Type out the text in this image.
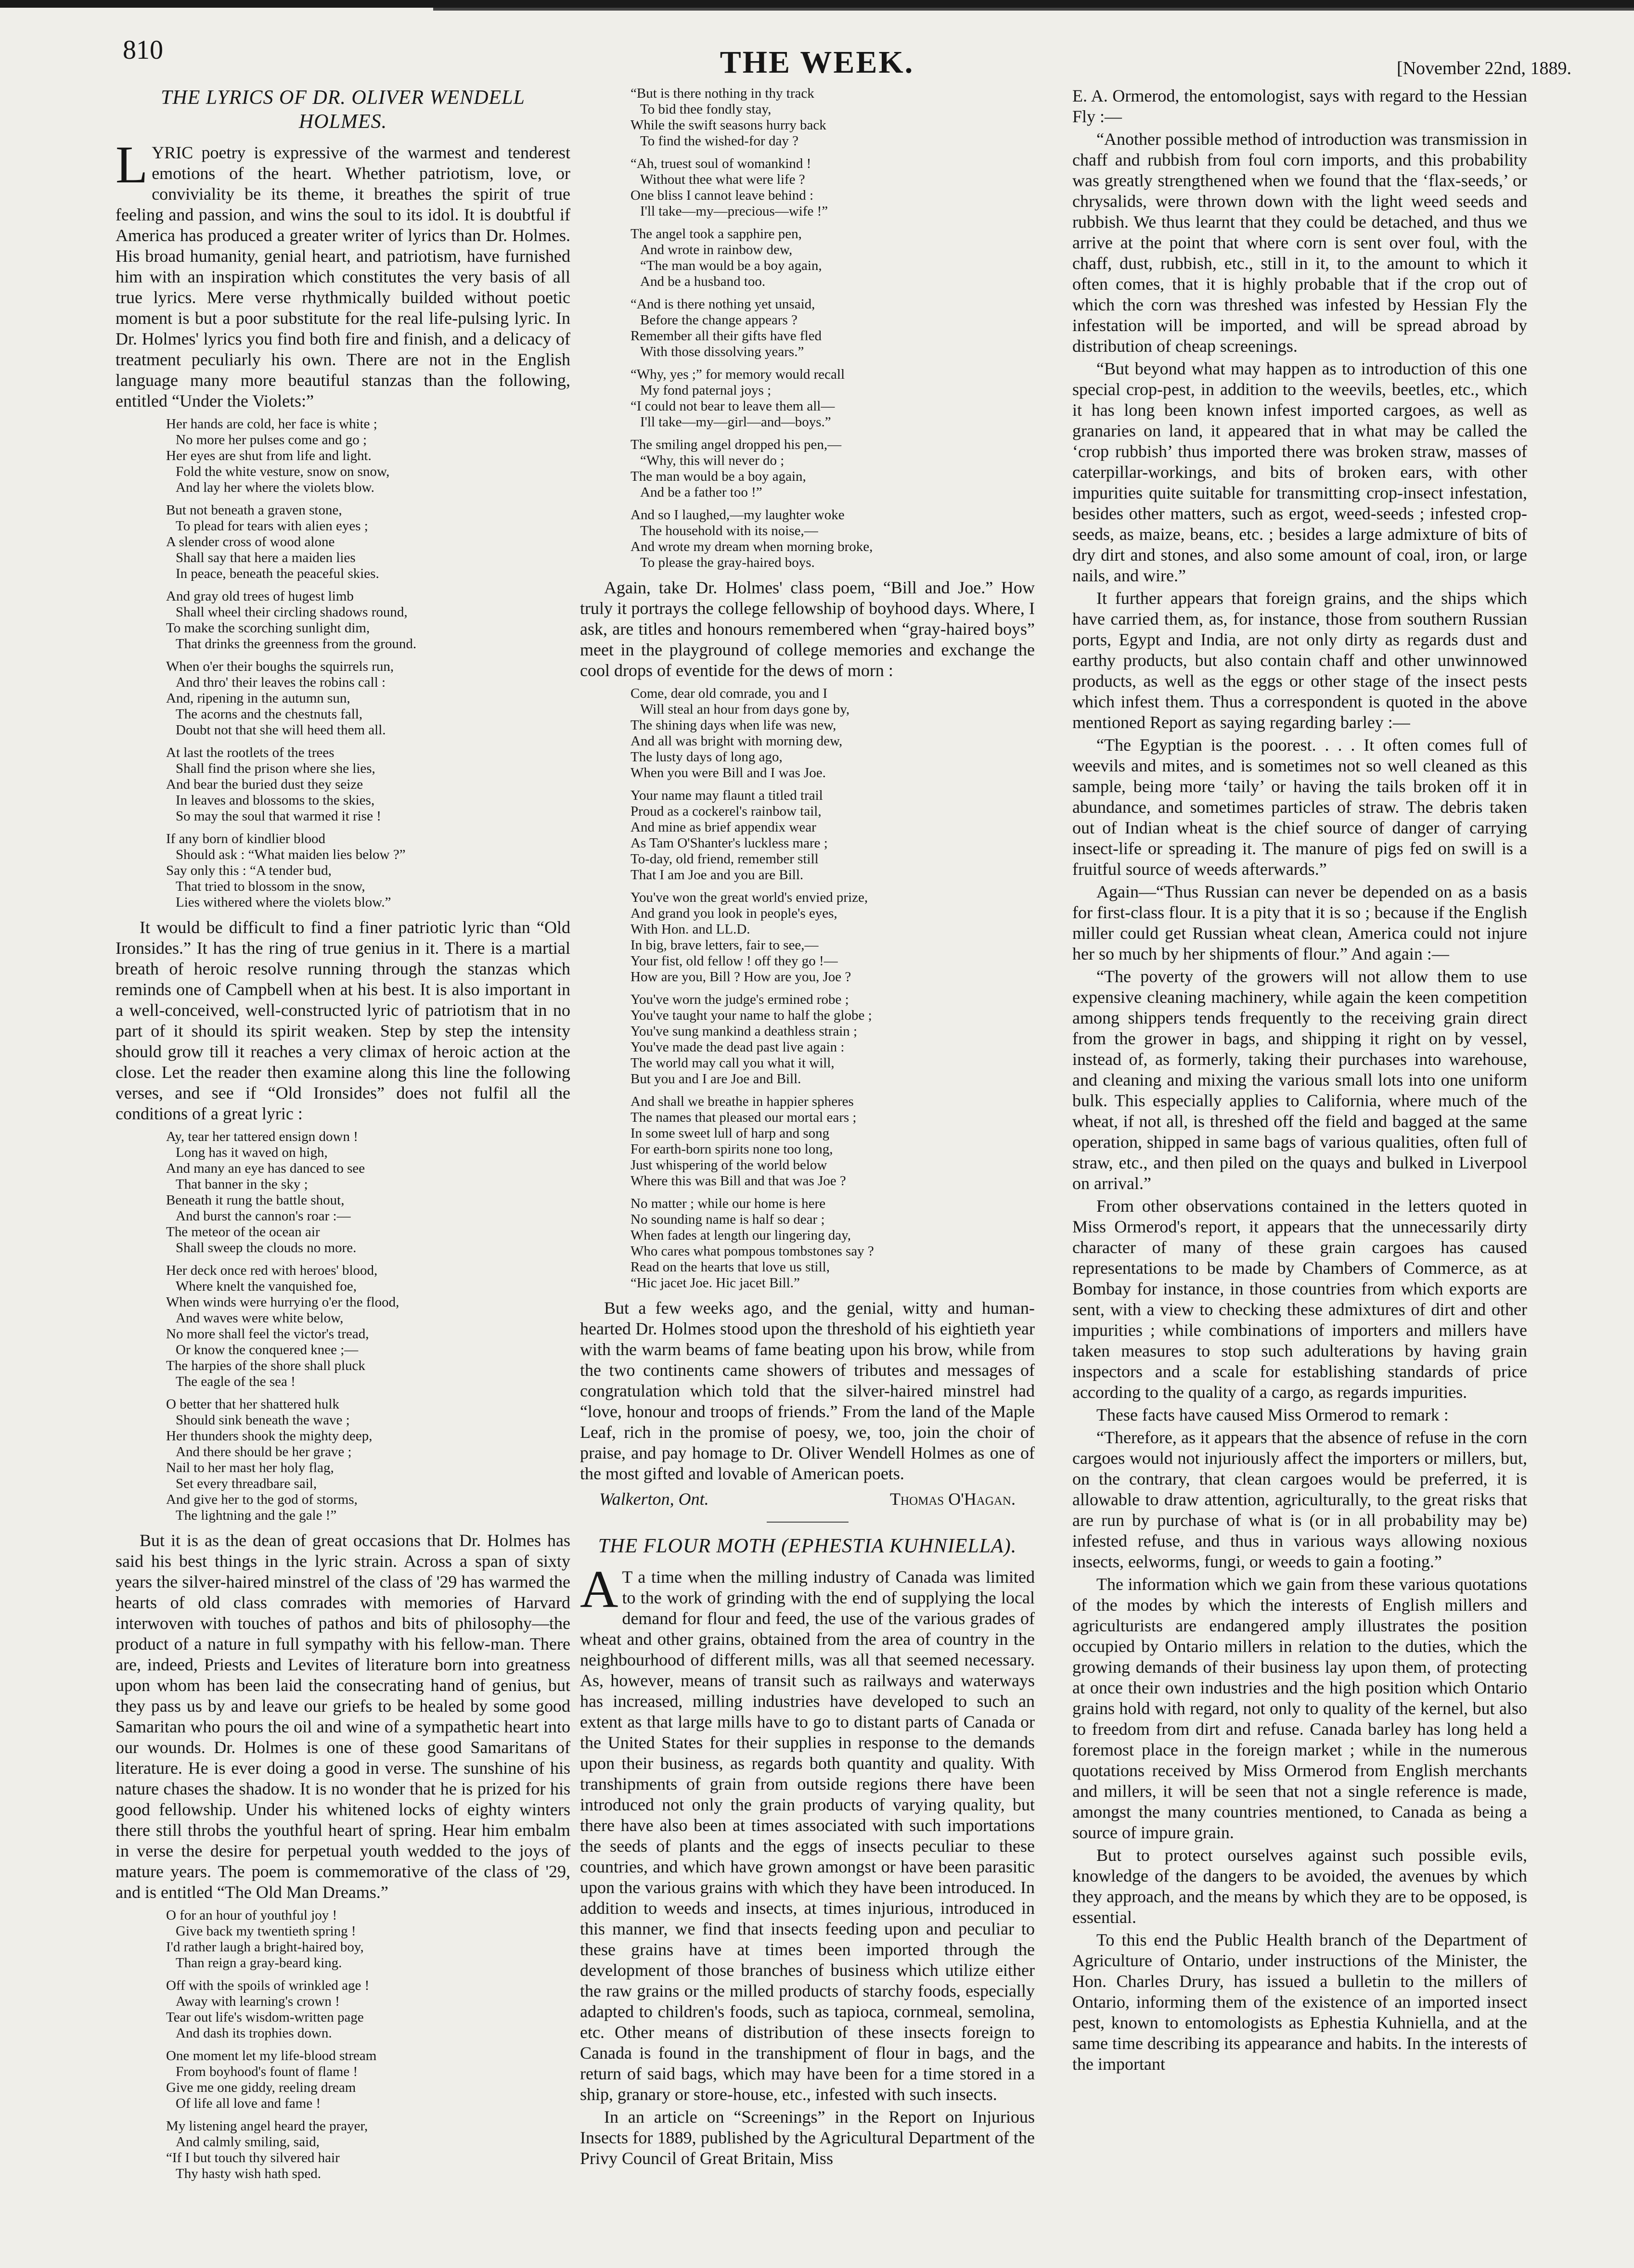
810	THE WEEK.	[November 22nd, 1889.
THE LYRICS OF DR. OLIVER WENDELL HOLMES.

L YRIC poetry is expressive of the warmest and tenderest emotions of the heart. Whether patriotism, love, or conviviality be its theme, it breathes the spirit of true feeling and passion, and wins the soul to its idol. It is doubtful if America has produced a greater writer of lyrics than Dr. Holmes. His broad humanity, genial heart, and patriotism, have furnished him with an inspiration which constitutes the very basis of all true lyrics. Mere verse rhythmically builded without poetic moment is but a poor substitute for the real life-pulsing lyric. In Dr. Holmes' lyrics you find both fire and finish, and a delicacy of treatment peculiarly his own. There are not in the English language many more beautiful stanzas than the following, entitled “Under the Violets:”

Her hands are cold, her face is white ;
No more her pulses come and go ;
Her eyes are shut from life and light.
Fold the white vesture, snow on snow,
And lay her where the violets blow.
But not beneath a graven stone,
To plead for tears with alien eyes ;
A slender cross of wood alone
Shall say that here a maiden lies
In peace, beneath the peaceful skies.
And gray old trees of hugest limb
Shall wheel their circling shadows round,
To make the scorching sunlight dim,
That drinks the greenness from the ground.
When o'er their boughs the squirrels run,
And thro' their leaves the robins call :
And, ripening in the autumn sun,
The acorns and the chestnuts fall,
Doubt not that she will heed them all.
At last the rootlets of the trees
Shall find the prison where she lies,
And bear the buried dust they seize
In leaves and blossoms to the skies,
So may the soul that warmed it rise !
If any born of kindlier blood
Should ask : “What maiden lies below ?”
Say only this : “A tender bud,
That tried to blossom in the snow,
Lies withered where the violets blow.”

It would be difficult to find a finer patriotic lyric than “Old Ironsides.” It has the ring of true genius in it. There is a martial breath of heroic resolve running through the stanzas which reminds one of Campbell when at his best. It is also important in a well-conceived, well-constructed lyric of patriotism that in no part of it should its spirit weaken. Step by step the intensity should grow till it reaches a very climax of heroic action at the close. Let the reader then examine along this line the following verses, and see if “Old Ironsides” does not fulfil all the conditions of a great lyric :

Ay, tear her tattered ensign down !
Long has it waved on high,
And many an eye has danced to see
That banner in the sky ;
Beneath it rung the battle shout,
And burst the cannon's roar :—
The meteor of the ocean air
Shall sweep the clouds no more.
Her deck once red with heroes' blood,
Where knelt the vanquished foe,
When winds were hurrying o'er the flood,
And waves were white below,
No more shall feel the victor's tread,
Or know the conquered knee ;—
The harpies of the shore shall pluck
The eagle of the sea !
O better that her shattered hulk
Should sink beneath the wave ;
Her thunders shook the mighty deep,
And there should be her grave ;
Nail to her mast her holy flag,
Set every threadbare sail,
And give her to the god of storms,
The lightning and the gale !”

But it is as the dean of great occasions that Dr. Holmes has said his best things in the lyric strain. Across a span of sixty years the silver-haired minstrel of the class of '29 has warmed the hearts of old class comrades with memories of Harvard interwoven with touches of pathos and bits of philosophy—the product of a nature in full sympathy with his fellow-man. There are, indeed, Priests and Levites of literature born into greatness upon whom has been laid the consecrating hand of genius, but they pass us by and leave our griefs to be healed by some good Samaritan who pours the oil and wine of a sympathetic heart into our wounds. Dr. Holmes is one of these good Samaritans of literature. He is ever doing a good in verse. The sunshine of his nature chases the shadow. It is no wonder that he is prized for his good fellowship. Under his whitened locks of eighty winters there still throbs the youthful heart of spring. Hear him embalm in verse the desire for perpetual youth wedded to the joys of mature years. The poem is commemorative of the class of '29, and is entitled “The Old Man Dreams.”

O for an hour of youthful joy !
Give back my twentieth spring !
I'd rather laugh a bright-haired boy,
Than reign a gray-beard king.
Off with the spoils of wrinkled age !
Away with learning's crown !
Tear out life's wisdom-written page
And dash its trophies down.
One moment let my life-blood stream
From boyhood's fount of flame !
Give me one giddy, reeling dream
Of life all love and fame !
My listening angel heard the prayer,
And calmly smiling, said,
“If I but touch thy silvered hair
Thy hasty wish hath sped.
“But is there nothing in thy track
To bid thee fondly stay,
While the swift seasons hurry back
To find the wished-for day ?
“Ah, truest soul of womankind !
Without thee what were life ?
One bliss I cannot leave behind :
I'll take—my—precious—wife !”
The angel took a sapphire pen,
And wrote in rainbow dew,
“The man would be a boy again,
And be a husband too.
“And is there nothing yet unsaid,
Before the change appears ?
Remember all their gifts have fled
With those dissolving years.”
“Why, yes ;” for memory would recall
My fond paternal joys ;
“I could not bear to leave them all—
I'll take—my—girl—and—boys.”
The smiling angel dropped his pen,—
“Why, this will never do ;
The man would be a boy again,
And be a father too !”
And so I laughed,—my laughter woke
The household with its noise,—
And wrote my dream when morning broke,
To please the gray-haired boys.

Again, take Dr. Holmes' class poem, “Bill and Joe.” How truly it portrays the college fellowship of boyhood days. Where, I ask, are titles and honours remembered when “gray-haired boys” meet in the playground of college memories and exchange the cool drops of eventide for the dews of morn :

Come, dear old comrade, you and I
Will steal an hour from days gone by,
The shining days when life was new,
And all was bright with morning dew,
The lusty days of long ago,
When you were Bill and I was Joe.
Your name may flaunt a titled trail
Proud as a cockerel's rainbow tail,
And mine as brief appendix wear
As Tam O'Shanter's luckless mare ;
To-day, old friend, remember still
That I am Joe and you are Bill.
You've won the great world's envied prize,
And grand you look in people's eyes,
With Hon. and LL.D.
In big, brave letters, fair to see,—
Your fist, old fellow ! off they go !—
How are you, Bill ? How are you, Joe ?
You've worn the judge's ermined robe ;
You've taught your name to half the globe ;
You've sung mankind a deathless strain ;
You've made the dead past live again :
The world may call you what it will,
But you and I are Joe and Bill.
And shall we breathe in happier spheres
The names that pleased our mortal ears ;
In some sweet lull of harp and song
For earth-born spirits none too long,
Just whispering of the world below
Where this was Bill and that was Joe ?
No matter ; while our home is here
No sounding name is half so dear ;
When fades at length our lingering day,
Who cares what pompous tombstones say ?
Read on the hearts that love us still,
“Hic jacet Joe. Hic jacet Bill.”

But a few weeks ago, and the genial, witty and human-hearted Dr. Holmes stood upon the threshold of his eightieth year with the warm beams of fame beating upon his brow, while from the two continents came showers of tributes and messages of congratulation which told that the silver-haired minstrel had “love, honour and troops of friends.” From the land of the Maple Leaf, rich in the promise of poesy, we, too, join the choir of praise, and pay homage to Dr. Oliver Wendell Holmes as one of the most gifted and lovable of American poets.

Walkerton, Ont.	Thomas O'Hagan.
THE FLOUR MOTH (EPHESTIA KUHNIELLA).

A T a time when the milling industry of Canada was limited to the work of grinding with the end of supplying the local demand for flour and feed, the use of the various grades of wheat and other grains, obtained from the area of country in the neighbourhood of different mills, was all that seemed necessary. As, however, means of transit such as railways and waterways has increased, milling industries have developed to such an extent as that large mills have to go to distant parts of Canada or the United States for their supplies in response to the demands upon their business, as regards both quantity and quality. With transhipments of grain from outside regions there have been introduced not only the grain products of varying quality, but there have also been at times associated with such importations the seeds of plants and the eggs of insects peculiar to these countries, and which have grown amongst or have been parasitic upon the various grains with which they have been introduced. In addition to weeds and insects, at times injurious, introduced in this manner, we find that insects feeding upon and peculiar to these grains have at times been imported through the development of those branches of business which utilize either the raw grains or the milled products of starchy foods, especially adapted to children's foods, such as tapioca, cornmeal, semolina, etc. Other means of distribution of these insects foreign to Canada is found in the transhipment of flour in bags, and the return of said bags, which may have been for a time stored in a ship, granary or store-house, etc., infested with such insects.

In an article on “Screenings” in the Report on Injurious Insects for 1889, published by the Agricultural Department of the Privy Council of Great Britain, Miss

E. A. Ormerod, the entomologist, says with regard to the Hessian Fly :—

“Another possible method of introduction was transmission in chaff and rubbish from foul corn imports, and this probability was greatly strengthened when we found that the ‘flax-seeds,’ or chrysalids, were thrown down with the light weed seeds and rubbish. We thus learnt that they could be detached, and thus we arrive at the point that where corn is sent over foul, with the chaff, dust, rubbish, etc., still in it, to the amount to which it often comes, that it is highly probable that if the crop out of which the corn was threshed was infested by Hessian Fly the infestation will be imported, and will be spread abroad by distribution of cheap screenings.

“But beyond what may happen as to introduction of this one special crop-pest, in addition to the weevils, beetles, etc., which it has long been known infest imported cargoes, as well as granaries on land, it appeared that in what may be called the ‘crop rubbish’ thus imported there was broken straw, masses of caterpillar-workings, and bits of broken ears, with other impurities quite suitable for transmitting crop-insect infestation, besides other matters, such as ergot, weed-seeds ; infested crop-seeds, as maize, beans, etc. ; besides a large admixture of bits of dry dirt and stones, and also some amount of coal, iron, or large nails, and wire.”

It further appears that foreign grains, and the ships which have carried them, as, for instance, those from southern Russian ports, Egypt and India, are not only dirty as regards dust and earthy products, but also contain chaff and other unwinnowed products, as well as the eggs or other stage of the insect pests which infest them. Thus a correspondent is quoted in the above mentioned Report as saying regarding barley :—

“The Egyptian is the poorest. . . . It often comes full of weevils and mites, and is sometimes not so well cleaned as this sample, being more ‘taily’ or having the tails broken off it in abundance, and sometimes particles of straw. The debris taken out of Indian wheat is the chief source of danger of carrying insect-life or spreading it. The manure of pigs fed on swill is a fruitful source of weeds afterwards.”

Again—“Thus Russian can never be depended on as a basis for first-class flour. It is a pity that it is so ; because if the English miller could get Russian wheat clean, America could not injure her so much by her shipments of flour.” And again :—

“The poverty of the growers will not allow them to use expensive cleaning machinery, while again the keen competition among shippers tends frequently to the receiving grain direct from the grower in bags, and shipping it right on by vessel, instead of, as formerly, taking their purchases into warehouse, and cleaning and mixing the various small lots into one uniform bulk. This especially applies to California, where much of the wheat, if not all, is threshed off the field and bagged at the same operation, shipped in same bags of various qualities, often full of straw, etc., and then piled on the quays and bulked in Liverpool on arrival.”

From other observations contained in the letters quoted in Miss Ormerod's report, it appears that the unnecessarily dirty character of many of these grain cargoes has caused representations to be made by Chambers of Commerce, as at Bombay for instance, in those countries from which exports are sent, with a view to checking these admixtures of dirt and other impurities ; while combinations of importers and millers have taken measures to stop such adulterations by having grain inspectors and a scale for establishing standards of price according to the quality of a cargo, as regards impurities.

These facts have caused Miss Ormerod to remark :

“Therefore, as it appears that the absence of refuse in the corn cargoes would not injuriously affect the importers or millers, but, on the contrary, that clean cargoes would be preferred, it is allowable to draw attention, agriculturally, to the great risks that are run by purchase of what is (or in all probability may be) infested refuse, and thus in various ways allowing noxious insects, eelworms, fungi, or weeds to gain a footing.”

The information which we gain from these various quotations of the modes by which the interests of English millers and agriculturists are endangered amply illustrates the position occupied by Ontario millers in relation to the duties, which the growing demands of their business lay upon them, of protecting at once their own industries and the high position which Ontario grains hold with regard, not only to quality of the kernel, but also to freedom from dirt and refuse. Canada barley has long held a foremost place in the foreign market ; while in the numerous quotations received by Miss Ormerod from English merchants and millers, it will be seen that not a single reference is made, amongst the many countries mentioned, to Canada as being a source of impure grain.

But to protect ourselves against such possible evils, knowledge of the dangers to be avoided, the avenues by which they approach, and the means by which they are to be opposed, is essential.

To this end the Public Health branch of the Department of Agriculture of Ontario, under instructions of the Minister, the Hon. Charles Drury, has issued a bulletin to the millers of Ontario, informing them of the existence of an imported insect pest, known to entomologists as Ephestia Kuhniella, and at the same time describing its appearance and habits. In the interests of the important
